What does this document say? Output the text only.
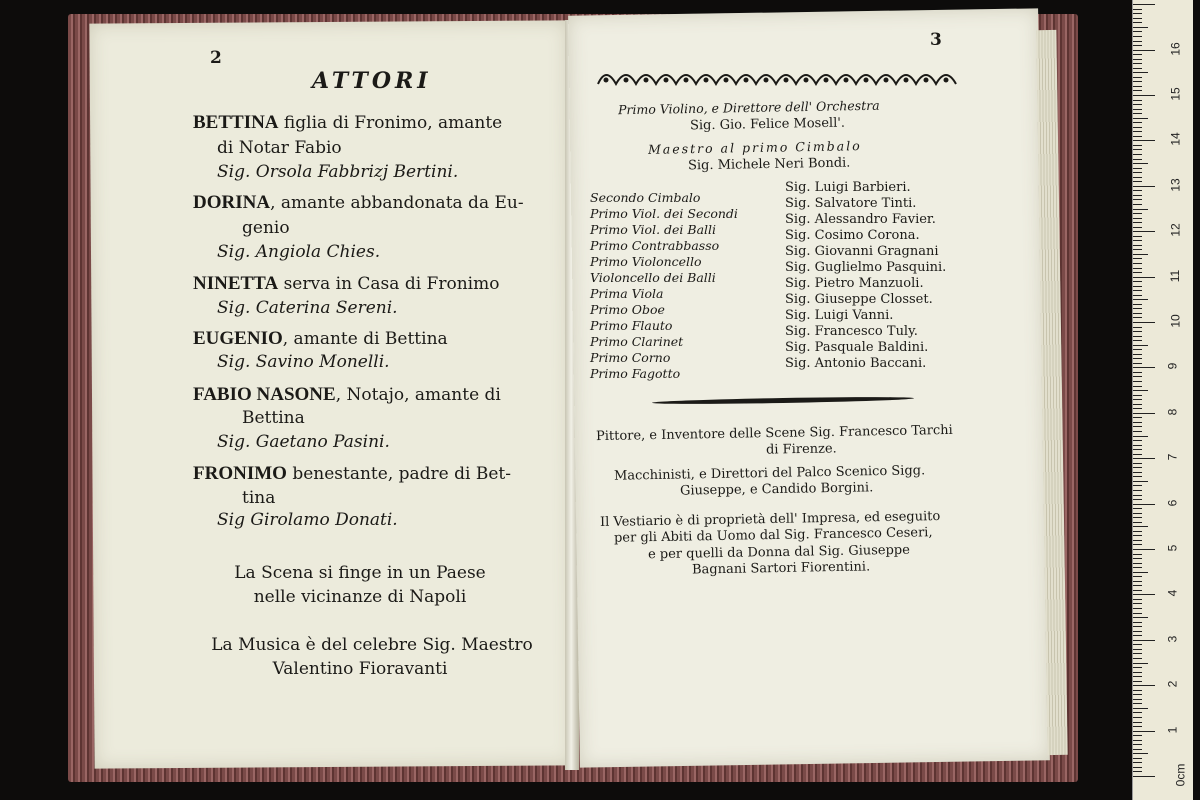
2
ATTORI
BETTINA figlia di Fronimo, amante
di Notar Fabio
Sig. Orsola Fabbrizj Bertini.
DORINA, amante abbandonata da Eu-
genio
Sig. Angiola Chies.
NINETTA serva in Casa di Fronimo
Sig. Caterina Sereni.
EUGENIO, amante di Bettina
Sig. Savino Monelli.
FABIO NASONE, Notajo, amante di
Bettina
Sig. Gaetano Pasini.
FRONIMO benestante, padre di Bet-
tina
Sig Girolamo Donati.
La Scena si finge in un Paese
nelle vicinanze di Napoli
La Musica è del celebre Sig. Maestro
Valentino Fioravanti
3
Primo Violino, e Direttore dell' Orchestra
Sig. Gio. Felice Mosell'.
Maestro al primo Cimbalo
Sig. Michele Neri Bondi.
Secondo Cimbalo
Sig. Luigi Barbieri.
Primo Viol. dei Secondi
Sig. Salvatore Tinti.
Primo Viol. dei Balli
Sig. Alessandro Favier.
Primo Contrabbasso
Sig. Cosimo Corona.
Primo Violoncello
Sig. Giovanni Gragnani
Violoncello dei Balli
Sig. Guglielmo Pasquini.
Prima Viola
Sig. Pietro Manzuoli.
Primo Oboe
Sig. Giuseppe Closset.
Primo Flauto
Sig. Luigi Vanni.
Primo Clarinet
Sig. Francesco Tuly.
Primo Corno
Sig. Pasquale Baldini.
Primo Fagotto
Sig. Antonio Baccani.
Pittore, e Inventore delle Scene Sig. Francesco Tarchi
di Firenze.
Macchinisti, e Direttori del Palco Scenico Sigg.
Giuseppe, e Candido Borgini.
Il Vestiario è di proprietà dell' Impresa, ed eseguito
per gli Abiti da Uomo dal Sig. Francesco Ceseri,
e per quelli da Donna dal Sig. Giuseppe
Bagnani Sartori Fiorentini.
0cm
1
2
3
4
5
6
7
8
9
10
11
12
13
14
15
16
